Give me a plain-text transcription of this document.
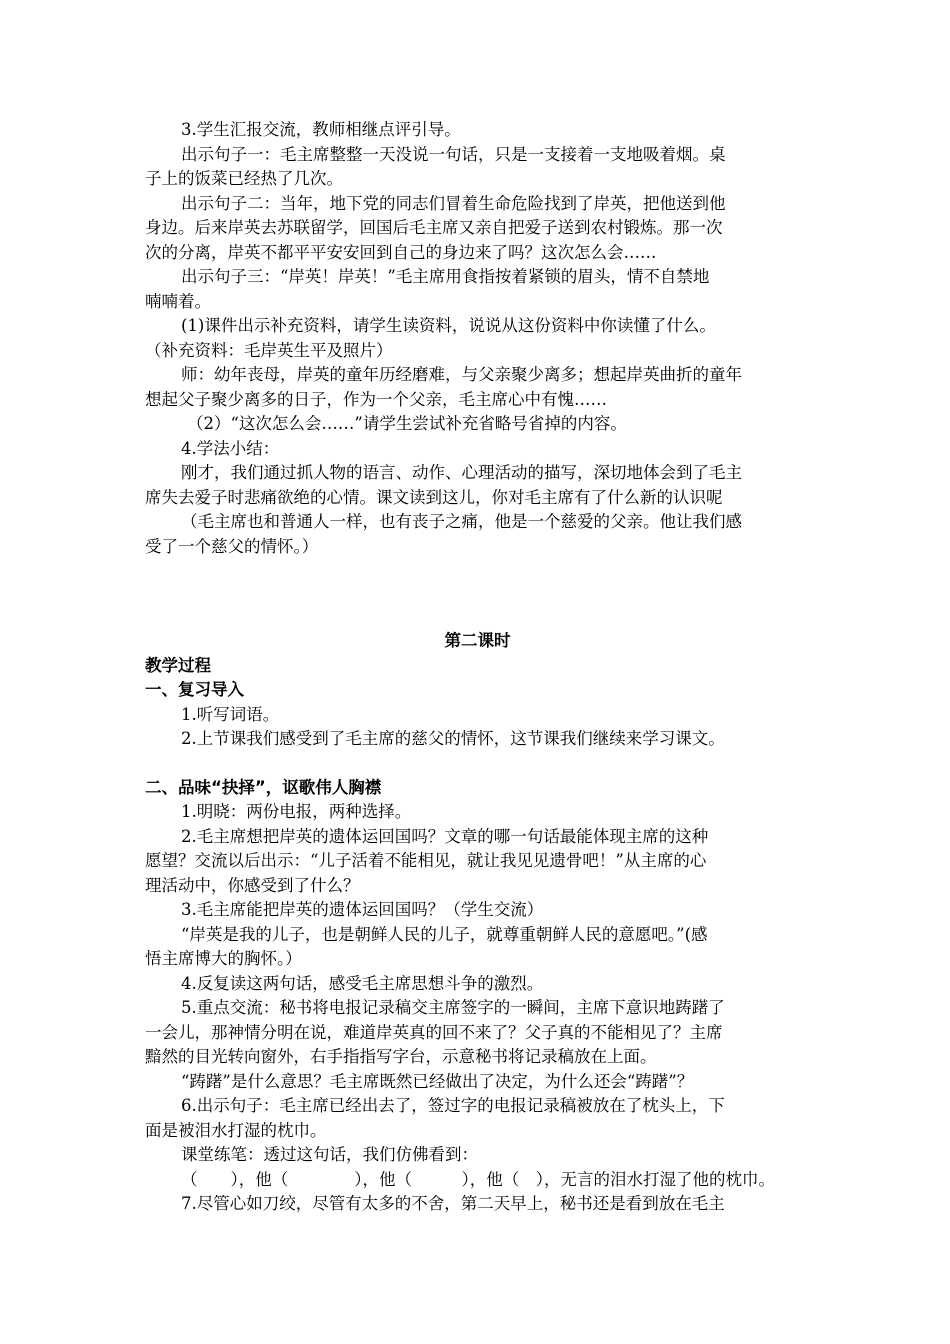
3.学生汇报交流，教师相继点评引导。

出示句子一：毛主席整整一天没说一句话，只是一支接着一支地吸着烟。桌

子上的饭菜已经热了几次。

出示句子二：当年，地下党的同志们冒着生命危险找到了岸英，把他送到他

身边。后来岸英去苏联留学，回国后毛主席又亲自把爱子送到农村锻炼。那一次

次的分离，岸英不都平平安安回到自己的身边来了吗？这次怎么会……

出示句子三：“岸英！岸英！”毛主席用食指按着紧锁的眉头，情不自禁地

喃喃着。

(1)课件出示补充资料，请学生读资料，说说从这份资料中你读懂了什么。

（补充资料：毛岸英生平及照片）

师：幼年丧母，岸英的童年历经磨难，与父亲聚少离多；想起岸英曲折的童年

想起父子聚少离多的日子，作为一个父亲，毛主席心中有愧……

（2）“这次怎么会……”请学生尝试补充省略号省掉的内容。

4.学法小结：

刚才，我们通过抓人物的语言、动作、心理活动的描写，深切地体会到了毛主

席失去爱子时悲痛欲绝的心情。课文读到这儿，你对毛主席有了什么新的认识呢

（毛主席也和普通人一样，也有丧子之痛，他是一个慈爱的父亲。他让我们感

受了一个慈父的情怀。）

第二课时

教学过程

一、复习导入

1.听写词语。

2.上节课我们感受到了毛主席的慈父的情怀，这节课我们继续来学习课文。

二、品味“抉择”，讴歌伟人胸襟

1.明晓：两份电报，两种选择。

2.毛主席想把岸英的遗体运回国吗？文章的哪一句话最能体现主席的这种

愿望？交流以后出示：“儿子活着不能相见，就让我见见遗骨吧！”从主席的心

理活动中，你感受到了什么？

3.毛主席能把岸英的遗体运回国吗？（学生交流）

“岸英是我的儿子，也是朝鲜人民的儿子，就尊重朝鲜人民的意愿吧。”(感

悟主席博大的胸怀。）

4.反复读这两句话，感受毛主席思想斗争的激烈。

5.重点交流：秘书将电报记录稿交主席签字的一瞬间，主席下意识地踌躇了

一会儿，那神情分明在说，难道岸英真的回不来了？父子真的不能相见了？主席

黯然的目光转向窗外，右手指指写字台，示意秘书将记录稿放在上面。

“踌躇”是什么意思？毛主席既然已经做出了决定，为什么还会“踌躇”？

6.出示句子：毛主席已经出去了，签过字的电报记录稿被放在了枕头上，下

面是被泪水打湿的枕巾。

课堂练笔：透过这句话，我们仿佛看到：

（　　），他（　　　　），他（　　　），他（　），无言的泪水打湿了他的枕巾。

7.尽管心如刀绞，尽管有太多的不舍，第二天早上，秘书还是看到放在毛主
